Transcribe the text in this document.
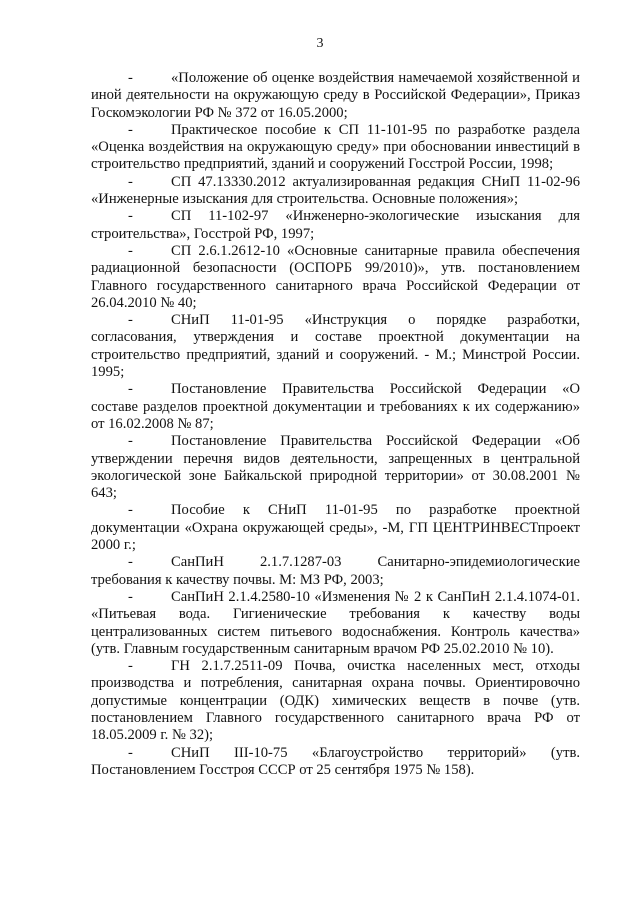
3

-	«Положение об оценке воздействия намечаемой хозяйственной и иной деятельности на окружающую среду в Российской Федерации», Приказ Госкомэкологии РФ № 372 от 16.05.2000;

-	Практическое пособие к СП 11-101-95 по разработке раздела «Оценка воздействия на окружающую среду» при обосновании инвестиций в строительство предприятий, зданий и сооружений Госстрой России, 1998;

-	СП 47.13330.2012 актуализированная редакция СНиП 11-02-96 «Инженерные изыскания для строительства. Основные положения»;

-	СП 11-102-97 «Инженерно-экологические изыскания для строительства», Госстрой РФ, 1997;

-	СП 2.6.1.2612-10 «Основные санитарные правила обеспечения радиационной безопасности (ОСПОРБ 99/2010)», утв. постановлением Главного государственного санитарного врача Российской Федерации от 26.04.2010 № 40;

-	СНиП 11-01-95 «Инструкция о порядке разработки, согласования, утверждения и составе проектной документации на строительство предприятий, зданий и сооружений. - М.; Минстрой России. 1995;

-	Постановление Правительства Российской Федерации «О составе разделов проектной документации и требованиях к их содержанию» от 16.02.2008 № 87;

-	Постановление Правительства Российской Федерации «Об утверждении перечня видов деятельности, запрещенных в центральной экологической зоне Байкальской природной территории» от 30.08.2001 № 643;

-	Пособие к СНиП 11-01-95 по разработке проектной документации «Охрана окружающей среды», -М, ГП ЦЕНТРИНВЕСТпроект 2000 г.;

-	СанПиН 2.1.7.1287-03 Санитарно-эпидемиологические требования к качеству почвы. М: МЗ РФ, 2003;

-	СанПиН 2.1.4.2580-10 «Изменения № 2 к СанПиН 2.1.4.1074-01. «Питьевая вода. Гигиенические требования к качеству воды централизованных систем питьевого водоснабжения. Контроль качества» (утв. Главным государственным санитарным врачом РФ 25.02.2010 № 10).

-	ГН 2.1.7.2511-09 Почва, очистка населенных мест, отходы производства и потребления, санитарная охрана почвы. Ориентировочно допустимые концентрации (ОДК) химических веществ в почве (утв. постановлением Главного государственного санитарного врача РФ от 18.05.2009 г. № 32);

-	СНиП III-10-75 «Благоустройство территорий» (утв. Постановлением Госстроя СССР от 25 сентября 1975 № 158).
